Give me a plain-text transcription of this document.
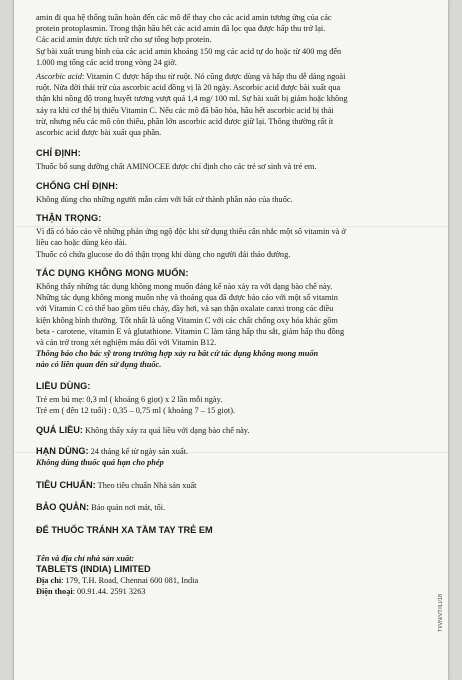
amin đi qua hệ thống tuần hoàn đến các mô để thay cho các acid amin tương ứng của các
protein protoplasmin. Trong thận hầu hết các acid amin đã lọc qua được hấp thu trở lại.
Các acid amin được tích trữ cho sự tổng hợp protein.
Sự bài xuất trung bình của các acid amin khoảng 150 mg các acid tự do hoặc từ 400 mg đến
1.000 mg tổng các acid trong vòng 24 giờ.
Ascorbic acid: Vitamin C được hấp thu từ ruột. Nó cũng được dùng và hấp thu dễ dàng ngoài
ruột. Nửa đời thải trừ của ascorbic acid đồng vị là 20 ngày. Ascorbic acid được bài xuất qua
thận khi nồng độ trong huyết tương vượt quá 1,4 mg/ 100 ml. Sự bài xuất bị giảm hoặc không
xảy ra khi cơ thể bị thiếu Vitamin C. Nếu các mô đã bão hòa, hầu hết ascorbic acid bị thải
trừ, nhưng nếu các mô còn thiếu, phần lớn ascorbic acid được giữ lại. Thông thường rất ít
ascorbic acid được bài xuất qua phân.
CHỈ ĐỊNH:
Thuốc bổ sung dưỡng chất AMINOCEE được chỉ định cho các trẻ sơ sinh và trẻ em.
CHỐNG CHỈ ĐỊNH:
Không dùng cho những người mẫn cảm với bất cứ thành phần nào của thuốc.
THẬN TRỌNG:
Vì đã có báo cáo về những phản ứng ngộ độc khi sử dụng thiếu cân nhắc một số vitamin và ở
liều cao hoặc dùng kéo dài.
Thuốc có chứa glucose do đó thận trọng khi dùng cho người đái tháo đường.
TÁC DỤNG KHÔNG MONG MUỐN:
Không thấy những tác dụng không mong muốn đáng kể nào xảy ra với dạng bào chế này.
Những tác dụng không mong muốn nhẹ và thoáng qua đã được báo cáo với một số vitamin
với Vitamin C có thể bao gồm tiêu chảy, đầy hơi, và sạn thận oxalate canxi trong các điều
kiện không bình thường. Tốt nhất là uống Vitamin C với các chất chống oxy hóa khác gồm
beta - carotene, vitamin E và glutathione. Vitamin C làm tăng hấp thu sắt, giảm hấp thu đồng
và cản trở trong xét nghiệm máu đối với Vitamin B12.
Thông báo cho bác sỹ trong trường hợp xảy ra bất cứ tác dụng không mong muốn
nào có liên quan đến sử dụng thuốc.
LIỀU DÙNG:
Trẻ em bú mẹ: 0,3 ml ( khoảng 6 giọt) x 2 lần mỗi ngày.
Trẻ em ( đến 12 tuổi) : 0,35 – 0,75 ml ( khoảng 7 – 15 giọt).
QUÁ LIỀU: Không thấy xảy ra quá liều với dạng bào chế này.
HẠN DÙNG: 24 tháng kể từ ngày sản xuất.
Không dùng thuốc quá hạn cho phép
TIÊU CHUẨN: Theo tiêu chuẩn Nhà sản xuất
BẢO QUẢN: Bảo quản nơi mát, tối.
ĐỂ THUỐC TRÁNH XA TẦM TAY TRẺ EM
Tên và địa chỉ nhà sản xuất:
TABLETS (INDIA) LIMITED
Địa chỉ: 179, T.H. Road, Chennai 600 081, India
Điện thoại: 00.91.44. 2591 3263
TI/VN/VT/ILI/18
